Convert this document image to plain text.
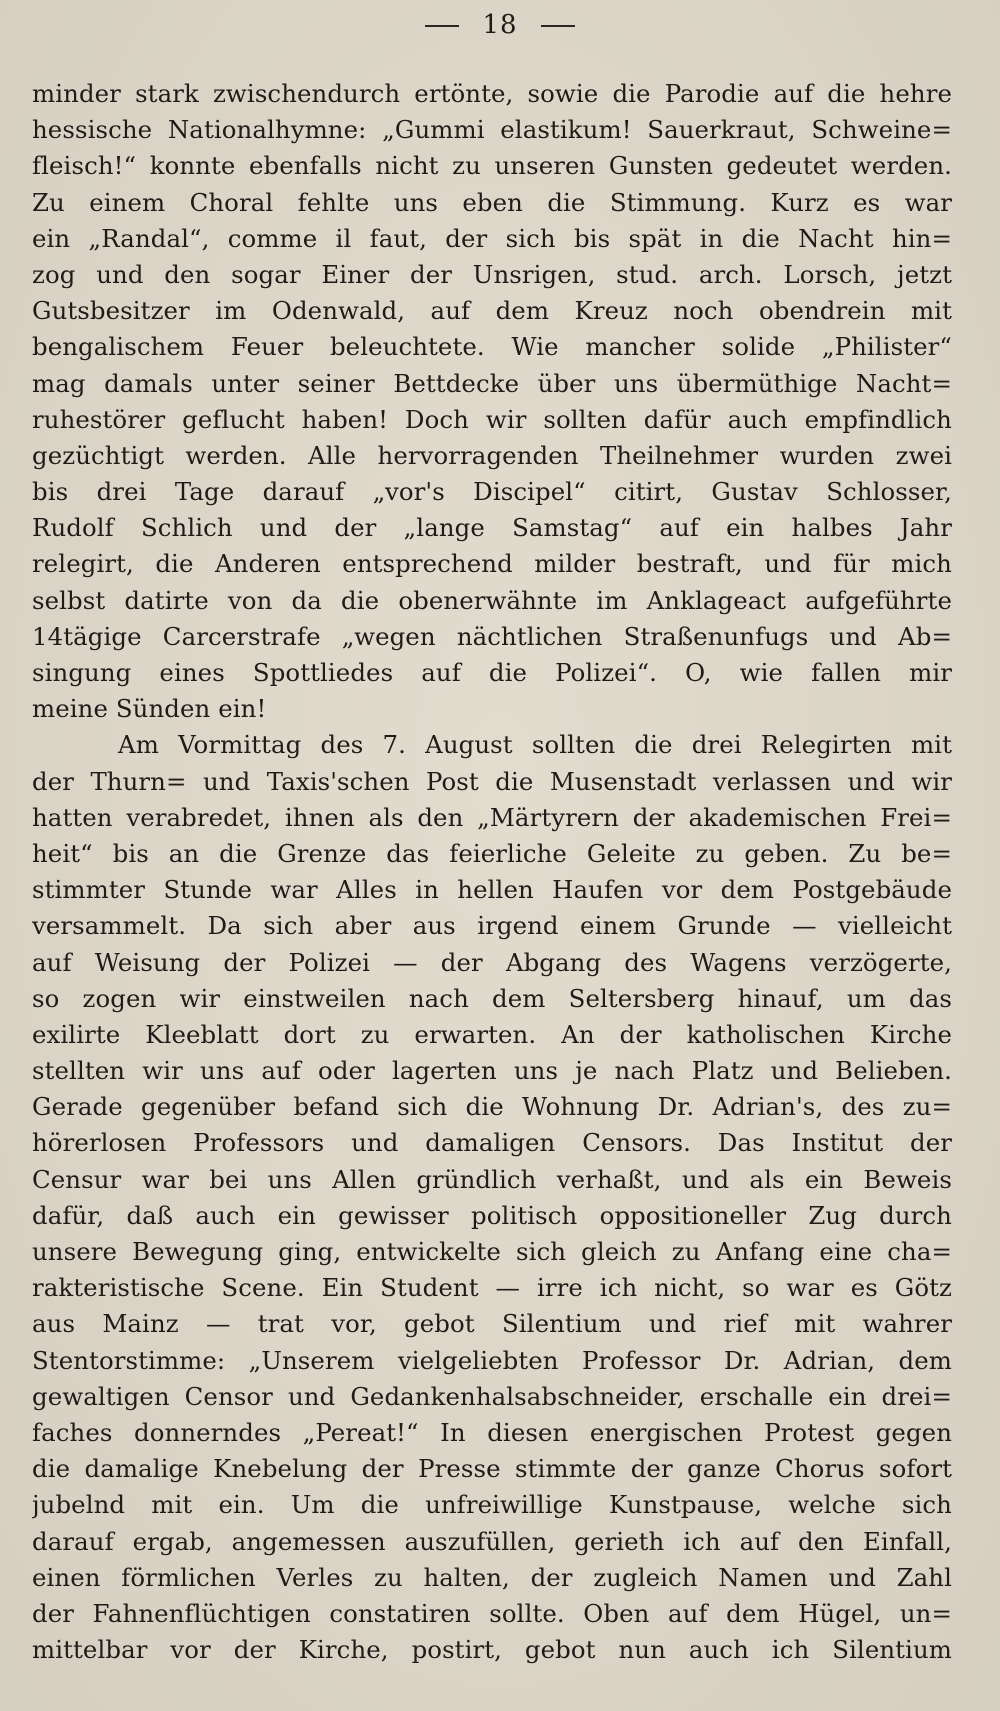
18
minder stark zwischendurch ertönte, sowie die Parodie auf die hehre
hessische Nationalhymne: „Gummi elastikum! Sauerkraut, Schweine=
fleisch!“ konnte ebenfalls nicht zu unseren Gunsten gedeutet werden.
Zu einem Choral fehlte uns eben die Stimmung. Kurz es war
ein „Randal“, comme il faut, der sich bis spät in die Nacht hin=
zog und den sogar Einer der Unsrigen, stud. arch. Lorsch, jetzt
Gutsbesitzer im Odenwald, auf dem Kreuz noch obendrein mit
bengalischem Feuer beleuchtete. Wie mancher solide „Philister“
mag damals unter seiner Bettdecke über uns übermüthige Nacht=
ruhestörer geflucht haben! Doch wir sollten dafür auch empfindlich
gezüchtigt werden. Alle hervorragenden Theilnehmer wurden zwei
bis drei Tage darauf „vor's Discipel“ citirt, Gustav Schlosser,
Rudolf Schlich und der „lange Samstag“ auf ein halbes Jahr
relegirt, die Anderen entsprechend milder bestraft, und für mich
selbst datirte von da die obenerwähnte im Anklageact aufgeführte
14tägige Carcerstrafe „wegen nächtlichen Straßenunfugs und Ab=
singung eines Spottliedes auf die Polizei“. O, wie fallen mir
meine Sünden ein!
Am Vormittag des 7. August sollten die drei Relegirten mit
der Thurn= und Taxis'schen Post die Musenstadt verlassen und wir
hatten verabredet, ihnen als den „Märtyrern der akademischen Frei=
heit“ bis an die Grenze das feierliche Geleite zu geben. Zu be=
stimmter Stunde war Alles in hellen Haufen vor dem Postgebäude
versammelt. Da sich aber aus irgend einem Grunde — vielleicht
auf Weisung der Polizei — der Abgang des Wagens verzögerte,
so zogen wir einstweilen nach dem Seltersberg hinauf, um das
exilirte Kleeblatt dort zu erwarten. An der katholischen Kirche
stellten wir uns auf oder lagerten uns je nach Platz und Belieben.
Gerade gegenüber befand sich die Wohnung Dr. Adrian's, des zu=
hörerlosen Professors und damaligen Censors. Das Institut der
Censur war bei uns Allen gründlich verhaßt, und als ein Beweis
dafür, daß auch ein gewisser politisch oppositioneller Zug durch
unsere Bewegung ging, entwickelte sich gleich zu Anfang eine cha=
rakteristische Scene. Ein Student — irre ich nicht, so war es Götz
aus Mainz — trat vor, gebot Silentium und rief mit wahrer
Stentorstimme: „Unserem vielgeliebten Professor Dr. Adrian, dem
gewaltigen Censor und Gedankenhalsabschneider, erschalle ein drei=
faches donnerndes „Pereat!“ In diesen energischen Protest gegen
die damalige Knebelung der Presse stimmte der ganze Chorus sofort
jubelnd mit ein. Um die unfreiwillige Kunstpause, welche sich
darauf ergab, angemessen auszufüllen, gerieth ich auf den Einfall,
einen förmlichen Verles zu halten, der zugleich Namen und Zahl
der Fahnenflüchtigen constatiren sollte. Oben auf dem Hügel, un=
mittelbar vor der Kirche, postirt, gebot nun auch ich Silentium
